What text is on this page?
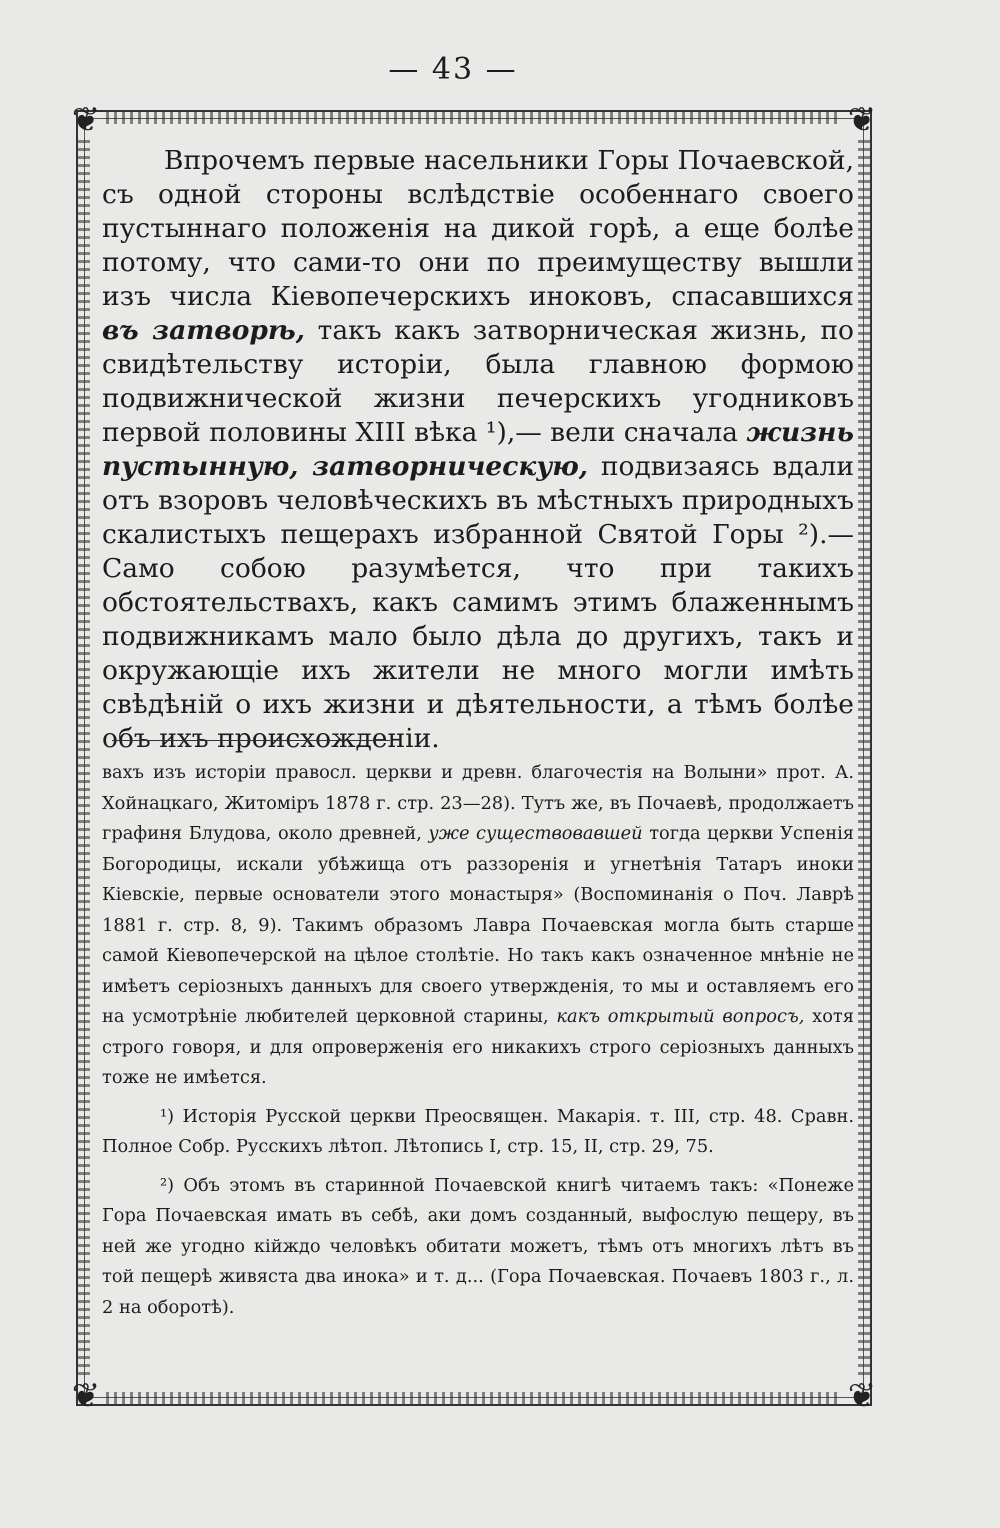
— 43 —
❦	❦
❦	❦

Впрочемъ первые насельники Горы Почаевской, съ одной стороны вслѣдствіе особеннаго своего пустыннаго положенія на дикой горѣ, а еще болѣе потому, что сами-то они по преимуществу вышли изъ числа Кіевопечерскихъ иноковъ, спасавшихся въ затворѣ, такъ какъ затворническая жизнь, по свидѣтельству исторіи, была главною формою подвижнической жизни печерскихъ угодниковъ первой половины XIII вѣка ¹),— вели сначала жизнь пустынную, затворническую, подвизаясь вдали отъ взоровъ человѣческихъ въ мѣстныхъ природныхъ скалистыхъ пещерахъ избранной Святой Горы ²).—Само собою разумѣется, что при такихъ обстоятельствахъ, какъ самимъ этимъ блаженнымъ подвижникамъ мало было дѣла до другихъ, такъ и окружающіе ихъ жители не много могли имѣть свѣдѣній о ихъ жизни и дѣятельности, а тѣмъ болѣе объ ихъ происхожденіи.

вахъ изъ исторіи правосл. церкви и древн. благочестія на Волыни» прот. А. Хойнацкаго, Житоміръ 1878 г. стр. 23—28). Тутъ же, въ Почаевѣ, продолжаетъ графиня Блудова, около древней, уже существовавшей тогда церкви Успенія Богородицы, искали убѣжища отъ раззоренія и угнетѣнія Татаръ иноки Кіевскіе, первые основатели этого монастыря» (Воспоминанія о Поч. Лаврѣ 1881 г. стр. 8, 9). Такимъ образомъ Лавра Почаевская могла быть старше самой Кіевопечерской на цѣлое столѣтіе. Но такъ какъ означенное мнѣніе не имѣетъ серіозныхъ данныхъ для своего утвержденія, то мы и оставляемъ его на усмотрѣніе любителей церковной старины, какъ открытый вопросъ, хотя строго говоря, и для опроверженія его никакихъ строго серіозныхъ данныхъ тоже не имѣется.

¹) Исторія Русской церкви Преосвящен. Макарія. т. III, стр. 48. Сравн. Полное Собр. Русскихъ лѣтоп. Лѣтопись I, стр. 15, II, стр. 29, 75.

²) Объ этомъ въ старинной Почаевской книгѣ читаемъ такъ: «Понеже Гора Почаевская имать въ себѣ, аки домъ созданный, выфослую пещеру, въ ней же угодно кійждо человѣкъ обитати можетъ, тѣмъ отъ многихъ лѣтъ въ той пещерѣ живяста два инока» и т. д... (Гора Почаевская. Почаевъ 1803 г., л. 2 на оборотѣ).
